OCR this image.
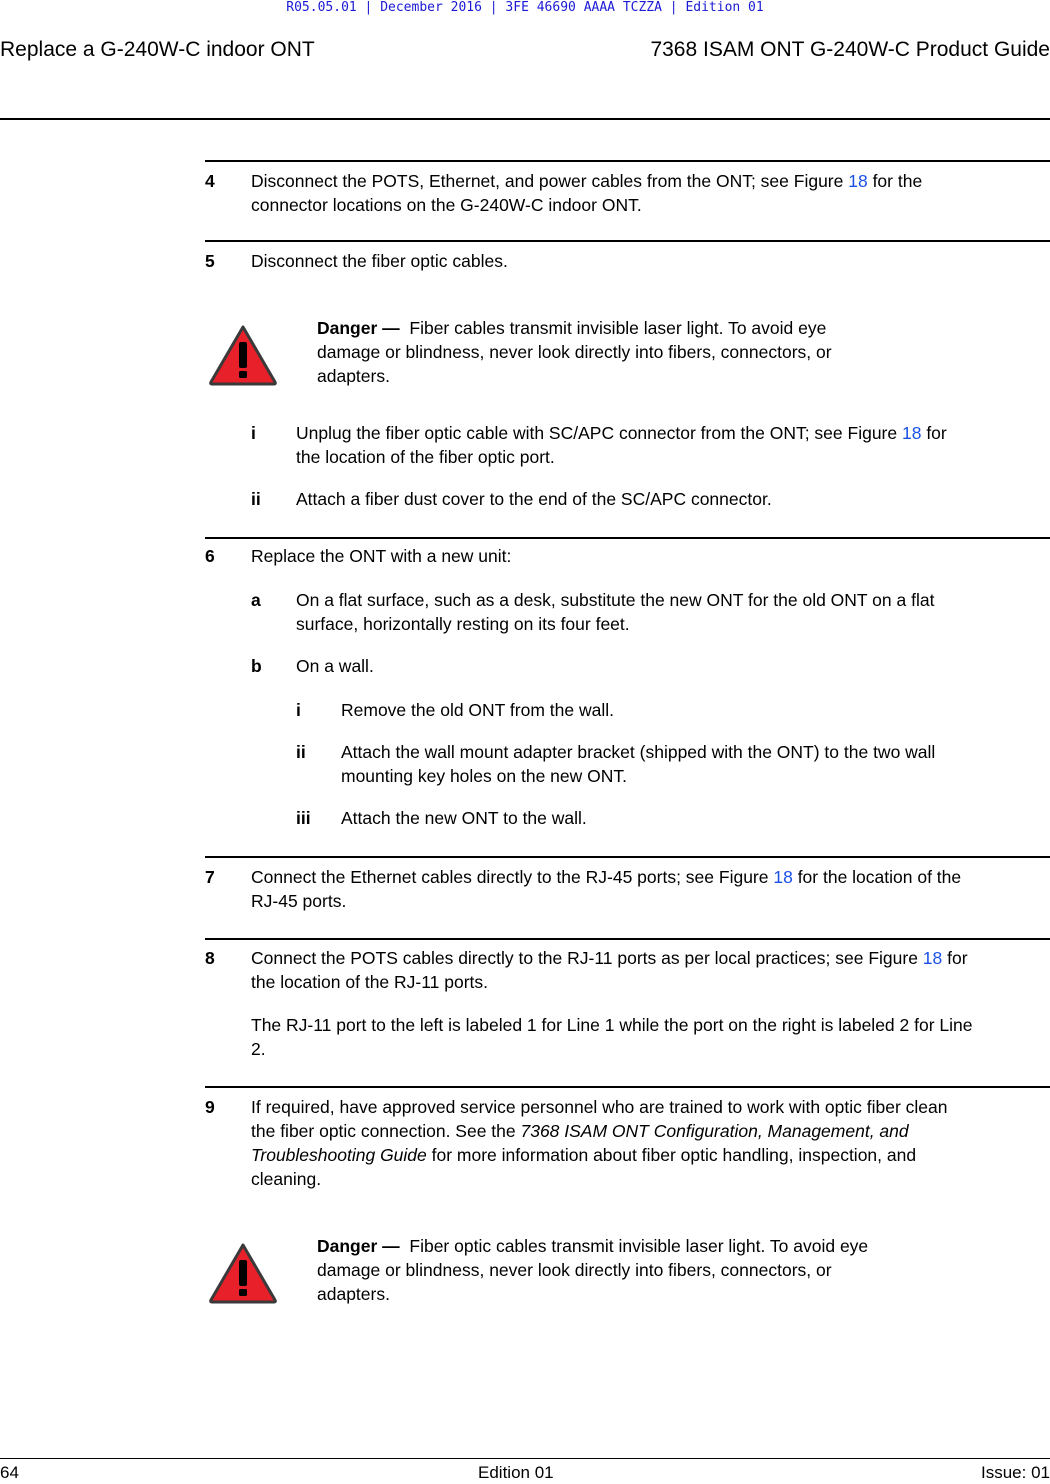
R05.05.01 | December 2016 | 3FE 46690 AAAA TCZZA | Edition 01
Replace a G-240W-C indoor ONT	7368 ISAM ONT G-240W-C Product Guide
4 Disconnect the POTS, Ethernet, and power cables from the ONT; see Figure 18 for the
connector locations on the G-240W-C indoor ONT.
5 Disconnect the fiber optic cables.
Danger — Fiber cables transmit invisible laser light. To avoid eye
damage or blindness, never look directly into fibers, connectors, or
adapters.
i Unplug the fiber optic cable with SC/APC connector from the ONT; see Figure 18 for
the location of the fiber optic port.
ii Attach a fiber dust cover to the end of the SC/APC connector.
6 Replace the ONT with a new unit:
a On a flat surface, such as a desk, substitute the new ONT for the old ONT on a flat
surface, horizontally resting on its four feet.
b On a wall.
i Remove the old ONT from the wall.
ii Attach the wall mount adapter bracket (shipped with the ONT) to the two wall
mounting key holes on the new ONT.
iii Attach the new ONT to the wall.
7 Connect the Ethernet cables directly to the RJ-45 ports; see Figure 18 for the location of the
RJ-45 ports.
8 Connect the POTS cables directly to the RJ-11 ports as per local practices; see Figure 18 for
the location of the RJ-11 ports.
The RJ-11 port to the left is labeled 1 for Line 1 while the port on the right is labeled 2 for Line
2.
9 If required, have approved service personnel who are trained to work with optic fiber clean
the fiber optic connection. See the 7368 ISAM ONT Configuration, Management, and
Troubleshooting Guide for more information about fiber optic handling, inspection, and
cleaning.
Danger — Fiber optic cables transmit invisible laser light. To avoid eye
damage or blindness, never look directly into fibers, connectors, or
adapters.
64	Edition 01	Issue: 01
